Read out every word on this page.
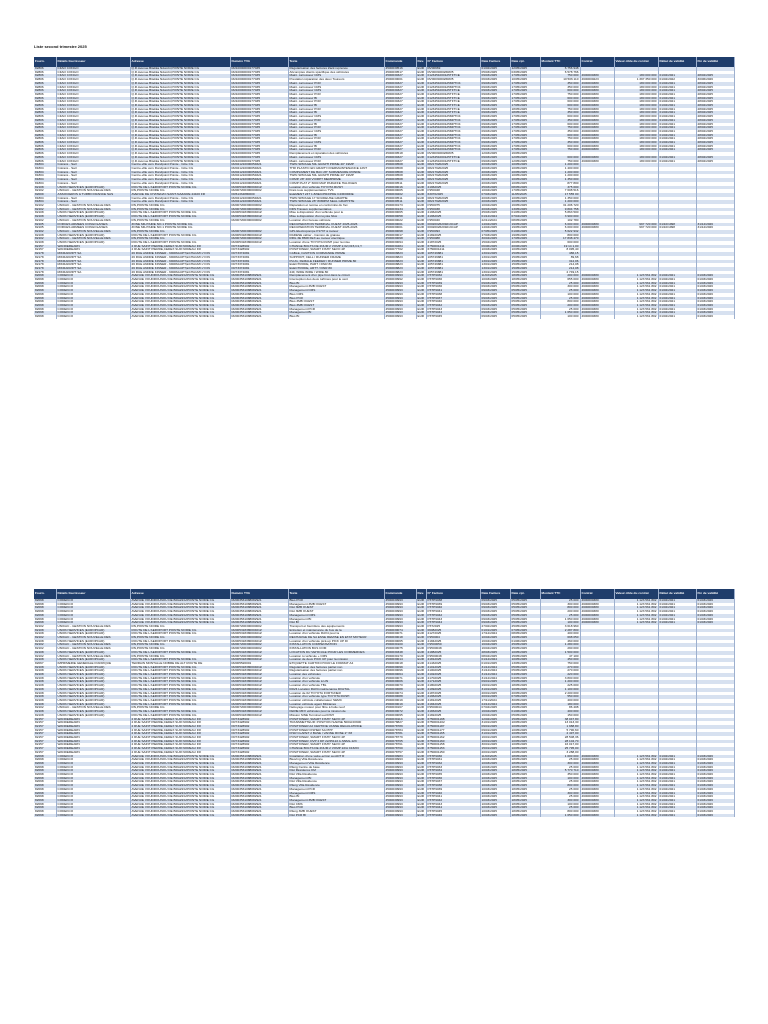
Liste second trimestre 2025
Fourn.	Détails fournisseur	Adresse	Numéro TVA	Texte	Commande	Dev.	N° Facture	Date Facture	Date cpt.	Montant TTC	Contrat	Valeur cible du contrat	Début de validité	Fin de validité
82806	CFAO CONGO	Q.R.Avenue Bitelika Ndombi,POINTE NOIRE CG	M2100000001770Z5	Régularisation des factures Zack reprenée	4500030516	EUR	RV00969	01/02/2025	12/05/2025	6 756 948				
82806	CFAO CONGO	Q.R.Avenue Bitelika Ndombi,POINTE NOIRE CG	M2100000001770Z5	Abcomptes clients spécifique des véhicules	4500030517	EUR	RV000300026RR5	05/03/2025	03/05/2025	6 578 766				
82806	CFAO CONGO	Q.R.Avenue Bitelika Ndombi,POINTE NOIRE CG	M2100000001770Z5	Maint. carrosseur CMS	4500030327	EUR	0123451000125TFTCE	09/03/2025	17/05/2025	750 000	4600000380	180 000 000	01/02/2021	28/02/2025
82806	CFAO CONGO	Q.R.Avenue Bitelika Ndombi,POINTE NOIRE CG	M2100000001770Z5	Prestation réparation des deux Toureurs	4500030001	EUR	RV000300026RR5	06/03/2025	10/05/2025	10 506 110	4600000223	1 397 350 000	01/02/2022	30/06/2026
82806	CFAO CONGO	Q.R.Avenue Bitelika Ndombi,POINTE NOIRE CG	M2100000001770Z5	Maint. carrosseur PCR	4500030327	EUR	0123451000125MPTO4	09/03/2025	17/05/2025	350 000	4600000380	180 000 000	01/02/2021	28/02/2025
82806	CFAO CONGO	Q.R.Avenue Bitelika Ndombi,POINTE NOIRE CG	M2100000001770Z5	Maint. carrosseur CMS	4500030327	EUR	0123451000125MPTO4	09/03/2025	17/05/2025	350 000	4600000380	180 000 000	01/02/2021	28/02/2025
82806	CFAO CONGO	Q.R.Avenue Bitelika Ndombi,POINTE NOIRE CG	M2100000001770Z5	Maint. carrosseur CMS	4500030327	EUR	0123451000125TFTCE	09/03/2025	17/05/2025	600 000	4600000380	180 000 000	01/02/2021	28/02/2025
82806	CFAO CONGO	Q.R.Avenue Bitelika Ndombi,POINTE NOIRE CG	M2100000001770Z5	Maint. carrosseur PCR	4500030327	EUR	0123451000125TFTCE	09/03/2025	17/05/2025	750 000	4600000380	180 000 000	01/02/2021	28/02/2025
82806	CFAO CONGO	Q.R.Avenue Bitelika Ndombi,POINTE NOIRE CG	M2100000001770Z5	Maint. carrosseur BI	4500030327	EUR	0123451000125TFTCE	09/03/2025	17/05/2025	600 000	4600000380	180 000 000	01/02/2021	28/02/2025
82806	CFAO CONGO	Q.R.Avenue Bitelika Ndombi,POINTE NOIRE CG	M2100000001770Z5	Maint. carrosseur PCR	4500030327	EUR	0123451000125TFTCE	09/03/2025	17/05/2025	600 000	4600000380	180 000 000	01/02/2021	28/02/2025
82806	CFAO CONGO	Q.R.Avenue Bitelika Ndombi,POINTE NOIRE CG	M2100000001770Z5	Maint. carrosseur BI	4500030327	EUR	0123451000125TFTCE	09/03/2025	17/05/2025	600 000	4600000380	180 000 000	01/02/2021	28/02/2025
82806	CFAO CONGO	Q.R.Avenue Bitelika Ndombi,POINTE NOIRE CG	M2100000001770Z5	Maint. carrosseur PCR	4500030327	EUR	0123451000125TFTCE	09/03/2025	18/05/2025	750 000	4600000380	180 000 000	01/02/2021	28/02/2025
82806	CFAO CONGO	Q.R.Avenue Bitelika Ndombi,POINTE NOIRE CG	M2100000001770Z5	Maint. carrosseur BI	4500030327	EUR	0123451000125TFTCE	09/03/2025	18/05/2025	350 000	4600000380	180 000 000	01/02/2021	28/02/2025
82806	CFAO CONGO	Q.R.Avenue Bitelika Ndombi,POINTE NOIRE CG	M2100000001770Z5	Maint. carrosseur CMS	4500030327	EUR	0123451000125MPTO4	09/03/2025	17/05/2025	600 000	4600000380	180 000 000	01/02/2021	28/02/2025
82806	CFAO CONGO	Q.R.Avenue Bitelika Ndombi,POINTE NOIRE CG	M2100000001770Z5	Maint. carrosseur PCR	4500030327	EUR	0123451000125MPTO4	09/03/2025	17/05/2025	350 000	4600000380	180 000 000	01/02/2021	28/02/2025
82806	CFAO CONGO	Q.R.Avenue Bitelika Ndombi,POINTE NOIRE CG	M2100000001770Z5	Maint. carrosseur BI	4500030327	EUR	0123451000125MPTO4	09/03/2025	17/05/2025	600 000	4600000380	180 000 000	01/02/2021	28/02/2025
82806	CFAO CONGO	Q.R.Avenue Bitelika Ndombi,POINTE NOIRE CG	M2100000001770Z5	Maint. carrosseur PCR	4500030327	EUR	0123451000125MPTO4	09/03/2025	17/05/2025	750 000	4600000380	180 000 000	01/02/2021	28/02/2025
82806	CFAO CONGO	Q.R.Avenue Bitelika Ndombi,POINTE NOIRE CG	M2100000001770Z5	Maint. carrosseur CMS	4500030327	EUR	0123451000125MPTO4	09/03/2025	17/05/2025	350 000	4600000380	180 000 000	01/02/2021	28/02/2025
82806	CFAO CONGO	Q.R.Avenue Bitelika Ndombi,POINTE NOIRE CG	M2100000001770Z5	Maint. carrosseur BI	4500030327	EUR	0123451000125MPTO4	09/03/2025	17/05/2025	600 000	4600000380	180 000 000	01/02/2021	28/02/2025
82806	CFAO CONGO	Q.R.Avenue Bitelika Ndombi,POINTE NOIRE CG	M2100000001770Z5	Maint. carrosseur PCR	4500030327	EUR	0123451000125MPTO4	09/03/2025	17/05/2025	750 000	4600000380	180 000 000	01/02/2021	28/02/2025
82806	CFAO CONGO	Q.R.Avenue Bitelika Ndombi,POINTE NOIRE CG	M2100000001770Z5	Maint. carrosseur CMS	4500030327	EUR	0123451000125MPTO4	09/03/2025	17/05/2025	350 000	4600000380	180 000 000	01/02/2021	28/02/2025
82806	CFAO CONGO	Q.R.Avenue Bitelika Ndombi,POINTE NOIRE CG	M2100000001770Z5	Maint. carrosseur BI	4500030327	EUR	0123451000125MPTO4	09/03/2025	17/05/2025	600 000	4600000380	180 000 000	01/02/2021	28/02/2025
82806	CFAO CONGO	Q.R.Avenue Bitelika Ndombi,POINTE NOIRE CG	M2100000001770Z5	Maint. carrosseur PCR	4500030327	EUR	0123451000125MPTO4	09/03/2025	17/05/2025	750 000	4600000380	180 000 000	01/02/2021	28/02/2025
82806	CFAO CONGO	Q.R.Avenue Bitelika Ndombi,POINTE NOIRE CG	M2100000001770Z5	Remplacement et réparation des véhicules	4500030518	EUR	RV000300026RR5	12/03/2025	16/05/2025					
82806	CFAO CONGO	Q.R.Avenue Bitelika Ndombi,POINTE NOIRE CG	M2100000001770Z5	Maint. carrosseur CMS	4500030327	EUR	0123451000125TFTCE	09/03/2025	12/05/2025	600 000	4600000380	180 000 000	01/02/2021	28/02/2025
82806	CFAO CONGO	Q.R.Avenue Bitelika Ndombi,POINTE NOIRE CG	M2100000001770Z5	Maint. carrosseur PCR	4500030327	EUR	0123451000125TFTCE	09/03/2025	12/05/2025	750 000	4600000380	180 000 000	01/02/2021	28/02/2025
81804	Cotrans - Sarl	Centre-ville vers Rondpoint Pointe - Côte CG	M2021210000054621	TWIN SPRAGE 50L GRAPH PRIME 20" 19MP	4500030508	EUR	082179202025	20/03/2025	10/05/2025	1 200 000				
81804	Cotrans - Sarl	Centre-ville vers Rondpoint Pointe - Côte CG	M2021210000054621	THR PLASTIC EN GRAPH OVERMAINTENANCE 12NT	4500030508	EUR	082179202025	20/03/2025	10/05/2025	1 400 000				
81804	Cotrans - Sarl	Centre-ville vers Rondpoint Pointe - Côte CG	M2021210000054621	COMPLIMENT DE BAC 28" SURMESURE RONDE	4500030508	EUR	082179202025	20/03/2025	10/05/2025	1 200 000				
81804	Cotrans - Sarl	Centre-ville vers Rondpoint Pointe - Côte CG	M2021210000054621	TWIN SPRAGE 50L GRAPH PRIME 20" 19MP	4500030508	EUR	082179202025	20/03/2025	10/05/2025	1 200 000				
81804	Cotrans - Sarl	Centre-ville vers Rondpoint Pointe - Côte CG	M2021210000054621	COMP. 28" 200 VOIRPT MEMPRIME	4500030508	EUR	082179202025	20/03/2025	10/05/2025	1 350 000				
81804	Cotrans - Sarl	Centre-ville vers Rondpoint Pointe - Côte CG	M2021210000054621	COMP PLAT 2" 6000 MAP PARAFFE HALOGEN	4500030511	EUR	082179202025	20/03/2025	10/05/2025	877 800				
82108	UNION SERVICES (EUROPCAR)	ROUTE DE L'AEROPORT POINTE NOIRE CG	M200531838000401Z	Location d'un véhicule TOYOTA RUSH	4500030016	EUR	21962025	25/03/2025	08/05/2025	375 000				
82102	UNICAC - GESTION NOUVELLE DES	RN,POINTE NOIRE CG	M2007200300000002	Frais tous supplémentaires TVS	4500030005	EUR	P250048	10/04/2025	17/05/2025	7 608 516				
82009	ASSOCIEROS & TURBO FRANCE SAS	AVENUE DE CHATENAY-SAINT-NAZAIRE 44100 FR	FR61334880000	ELEMENT 24T 1.8/6EC/PR2/PDE C4/R000DE	4500030202	EUR	630702025	07/03/2025	11/05/2025	17 555 00				
81804	Cotrans - Sarl	Centre-ville vers Rondpoint Pointe - Côte CG	M2021210000054621	TWIN SPRAGE 17 SOUDEUSE GRAPHE	4500030511	EUR	082179202025	20/03/2025	10/05/2025	1 350 000				
81804	Cotrans - Sarl	Centre-ville vers Rondpoint Pointe - Côte CG	M2021210000054621	TWIN SPRAGE 28" 8080PM SEAL GRAPHITE	4500030511	EUR	082179202025	20/03/2025	10/05/2025	1 200 000				
82102	UNICAC - GESTION NOUVELLE DES	RN,POINTE NOIRE CG	M2007200300000002	Réparation et remise en conformité du fret	4500030173	EUR	P250075	10/04/2025	16/05/2025	31 206 720				
82102	UNICAC - GESTION NOUVELLE DES	RN,POINTE NOIRE CG	M2007200300000002	DDS Travaux supplémentaires	4500030134	EUR	P250038	20/03/2025	13/05/2025	9 804 758				
82108	UNION SERVICES (EUROPCAR)	ROUTE DE L'AEROPORT POINTE NOIRE CG	M200531838000401Z	Mise à disposition d'un véhicule pour le	4500030065	EUR	21962025	25/03/2025	01/05/2025	5 863 500				
82108	UNION SERVICES (EUROPCAR)	ROUTE DE L'AEROPORT POINTE NOIRE CG	M200531838000401Z	Mise à disposition d'un toyota hilux	4500030058	EUR	21962025	01/12/2024	07/04/2025	3 900 000				
82102	UNICAC - GESTION NOUVELLE DES	RN,POINTE NOIRE CG	M2007200300000002	Location d'un bureau véhicule	4500030022	EUR	P250040	22/11/2024	08/05/2025	102 780				
82105	FORCES ARMEES CONGOLAISES	ZONE MILITAIRE NO.1 POINTE NOIRE CG		RECUPERATION TERMINAL OUEST 2025-2026	4500030001	EUR	00020026209213CAP	14/04/2025	19/05/2025	6 000 000	4600000380	997 720 000	01/10/1998	31/12/2026
82105	FORCES ARMEES CONGOLAISES	ZONE MILITAIRE NO.1 POINTE NOIRE CG		RECUPERATION TERMINAL OUEST 2025-2026	4500030001	EUR	00020026209213CAP	14/04/2025	19/05/2025	6 000 000	4600000380	997 720 000	01/10/1998	31/12/2026
82102	UNICAC - GESTION NOUVELLE DES	RN,POINTE NOIRE CG	M2007200300000002	GPL Electropompe P1737 à moteur	4500030098	EUR	P250093	07/05/2025	01/06/2025	5 622 932				
82108	UNION SERVICES (EUROPCAR)	ROUTE DE L'AEROPORT POINTE NOIRE CG	M200531838000401Z	RADESE cahier - Camion de graisse	4500030017	EUR	21822025	17/03/2025	19/05/2025	800 000				
82102	UNICAC - GESTION NOUVELLE DES	RN,POINTE NOIRE CG	M2007200300000002	RRG 3E 8508 FEX au moteur électrique	4500030098	EUR	P250088	30/04/2025	17/05/2025	17 838 470				
82108	UNION SERVICES (EUROPCAR)	ROUTE DE L'AEROPORT POINTE NOIRE CG	M200531838000401Z	Location d'une TOYOTA RUSH pour la mise	4500030094	EUR	21872025	15/04/2025	20/05/2025	600 000				
82157	WANDEREARN	2 RUE SAINT PIERRE,CEDEX SUR NOREAU FR	FR73428902	CHANGE BOLTS DE 2NUM 2 VOMP 2,02,O15,C1,Y	4500030484	EUR	6750001211	06/06/2025	20/06/2025	19 14 1,00				
82157	WANDEREARN	2 RUE SAINT PIERRE,CEDEX SUR NOREAU FR	FR73428902	POSITIONER, SMART FISHY SEVO 4P	4500077702	EUR	6750001211	10/03/2025	10/05/2025	8 095,40				
82178	MIKRAKRIPT SA	26 RUE ANDRE KINNER - 69006AUPT,ECHAUMI LYON	FR73374081	CABLE, IGNITION COMMANDE PRIME	4500008823	EUR	105749881	13/01/2025	15/05/2025	486,15				
82178	MIKRAKRIPT SA	26 RUE ANDRE KINNER - 69006AUPT,ECHAUMI LYON	FR73374081	SUPPORT, CELL / RUNNER FRAME	4500008823	EUR	105749881	13/01/2025	15/05/2025	89,68				
82178	MIKRAKRIPT SA	26 RUE ANDRE KINNER - 69006AUPT,ECHAUMI LYON	FR73374081	PLUG, FEMALE FEEDER / RUNNER PRIME 80	4500008823	EUR	105749881	13/01/2025	15/05/2025	312,06				
82178	MIKRAKRIPT SA	26 RUE ANDRE KINNER - 69006AUPT,ECHAUMI LYON	FR73374081	ELECTRODE, PART / PAIR 80	4500008823	EUR	105749881	13/01/2025	15/05/2025	214,08				
82178	MIKRAKRIPT SA	26 RUE ANDRE KINNER - 69006AUPT,ECHAUMI LYON	FR73374081	ELECTRODE, ARTT / PAIR 80	4500008823	EUR	105749881	13/01/2025	15/05/2025	214,08				
82178	MIKRAKRIPT SA	26 RUE ANDRE KINNER - 69006AUPT,ECHAUMI LYON	FR73374081	24F, WIDE WIRE / WIRE 80	4500008823	EUR	105749881	13/01/2025	15/05/2025	2 749,15				
82098	CODEKCO	AVENUE VOUDROUNOU DE BRAZZA/POINTE NOIRE CG	M2003531088082921	Remplacement d'un pipe brut dans le circuit	4500030993	EUR	P3TP9032	11/03/2025	18/05/2025	200 000	4600000380	1 123 561 802	01/02/2021	01/03/2026
82098	CODEKCO	AVENUE VOUDROUNOU DE BRAZZA/POINTE NOIRE CG	M2003531088082921	Interception des deux turbines pour le vent	4500030992	EUR	P3TP9036	10/03/2025	18/05/2025	655 000	4600000380	1 123 561 802	01/02/2021	01/03/2026
82098	CODEKCO	AVENUE VOUDROUNOU DE BRAZZA/POINTE NOIRE CG	M2003531088082921	Bles BI	4500030993	EUR	P3TP9039	09/03/2025	05/05/2025	25 000	4600000380	1 123 561 802	01/02/2021	01/03/2026
82098	CODEKCO	AVENUE VOUDROUNOU DE BRAZZA/POINTE NOIRE CG	M2003531088082921	Management 3MB OUEST	4500030993	EUR	P3TP9036	09/03/2025	05/05/2025	300 000	4600000380	1 123 561 802	01/02/2021	01/03/2026
82098	CODEKCO	AVENUE VOUDROUNOU DE BRAZZA/POINTE NOIRE CG	M2003531088082921	Management CMS	4500030993	EUR	P3TP9041	09/03/2025	05/05/2025	25 000	4600000380	1 123 561 802	01/02/2021	01/03/2026
82098	CODEKCO	AVENUE VOUDROUNOU DE BRAZZA/POINTE NOIRE CG	M2003531088082921	Bles CMS	4500030993	EUR	P3TP9038	09/03/2025	05/05/2025	100 000	4600000380	1 123 561 802	01/02/2021	01/03/2026
82098	CODEKCO	AVENUE VOUDROUNOU DE BRAZZA/POINTE NOIRE CG	M2003531088082921	Bles PCR	4500030993	EUR	P3TP9037	09/03/2025	05/05/2025	25 000	4600000380	1 123 561 802	01/02/2021	01/03/2026
82098	CODEKCO	AVENUE VOUDROUNOU DE BRAZZA/POINTE NOIRE CG	M2003531088082921	Bles 3MB OUEST	4500030993	EUR	P3TP9040	09/03/2025	05/05/2025	800 000	4600000380	1 123 561 802	01/02/2021	01/03/2026
82098	CODEKCO	AVENUE VOUDROUNOU DE BRAZZA/POINTE NOIRE CG	M2003531088082921	Bles 3MB OUEST	4500030993	EUR	P3TP9042	09/03/2025	05/05/2025	200 000	4600000380	1 123 561 802	01/02/2021	01/03/2026
82098	CODEKCO	AVENUE VOUDROUNOU DE BRAZZA/POINTE NOIRE CG	M2003531088082921	Management PCR	4500030993	EUR	P3TP9043	09/03/2025	05/05/2025	25 000	4600000380	1 123 561 802	01/02/2021	01/03/2026
82098	CODEKCO	AVENUE VOUDROUNOU DE BRAZZA/POINTE NOIRE CG	M2003531088082921	Management BI	4500030993	EUR	P3TP9044	09/03/2025	05/05/2025	1 650 000	4600000380	1 123 561 802	01/02/2021	01/03/2026
82098	CODEKCO	AVENUE VOUDROUNOU DE BRAZZA/POINTE NOIRE CG	M2003531088082921	Bles BI	4500030993	EUR	P3TP9045	09/03/2025	05/05/2025	100 000	4600000380	1 123 561 802	01/02/2021	01/03/2026
Fourn.	Détails fournisseur	Adresse	Numéro TVA	Texte	Commande	Dev.	N° Facture	Date Facture	Date cpt.	Montant TTC	Contrat	Valeur cible du contrat	Début de validité	Fin de validité
82098	CODEKCO	AVENUE VOUDROUNOU DE BRAZZA/POINTE NOIRE CG	M2003531088082921	Bles PCR	4500030993	EUR	P3TP9038	09/03/2025	05/05/2025	25 000	4600000380	1 123 561 802	01/02/2021	01/03/2026
82098	CODEKCO	AVENUE VOUDROUNOU DE BRAZZA/POINTE NOIRE CG	M2003531088082921	Management 3MB OUEST	4500030993	EUR	P3TP9039	09/03/2025	05/05/2025	300 000	4600000380	1 123 561 802	01/02/2021	01/03/2026
82098	CODEKCO	AVENUE VOUDROUNOU DE BRAZZA/POINTE NOIRE CG	M2003531088082921	Dist 3MB OUEST	4500030993	EUR	P3TP9040	09/03/2025	05/05/2025	800 000	4600000380	1 123 561 802	01/02/2021	01/03/2026
82098	CODEKCO	AVENUE VOUDROUNOU DE BRAZZA/POINTE NOIRE CG	M2003531088082921	Dist 3MB OUEST	4500030993	EUR	P3TP9041	09/03/2025	05/05/2025	200 000	4600000380	1 123 561 802	01/02/2021	01/03/2026
82098	CODEKCO	AVENUE VOUDROUNOU DE BRAZZA/POINTE NOIRE CG	M2003531088082921	Management CMS	4500030993	EUR	P3TP9042	09/03/2025	05/05/2025	25 000	4600000380	1 123 561 802	01/02/2021	01/03/2026
82098	CODEKCO	AVENUE VOUDROUNOU DE BRAZZA/POINTE NOIRE CG	M2003531088082921	Management BI	4500030993	EUR	P3TP9043	09/03/2025	05/05/2025	1 650 000	4600000380	1 123 561 802	01/02/2021	01/03/2026
82098	CODEKCO	AVENUE VOUDROUNOU DE BRAZZA/POINTE NOIRE CG	M2003531088082921	Dist BI	4500030993	EUR	P3TP9044	09/03/2025	05/05/2025	100 000	4600000380	1 123 561 802	01/02/2021	01/03/2026
82102	UNICAC - GESTION NOUVELLE DES	RN,POINTE NOIRE CG	M2007200300000002	Transport et fourniture des équipements	4500030993	EUR	P3T2025	27/02/2025	25/05/2025	3 618 960				
82108	UNION SERVICES (EUROPCAR)	ROUTE DE L'AEROPORT POINTE NOIRE CG	M200531838000401Z	Entretien et maintenance du bus de la	4500030074	EUR	06082025	01/01/2025	07/05/2025	2 287 800				
82108	UNION SERVICES (EUROPCAR)	ROUTE DE L'AEROPORT POINTE NOIRE CG	M200531838000401Z	Location d'un véhicule RAV4 pour la	4500030071	EUR	21272025	17/12/2024	08/05/2025	400 000				
82102	UNICAC - GESTION NOUVELLE DES	RN,POINTE NOIRE CG	M2007200300000002	RECHARGE DE SA ESSE REMISE EN ETAT MOTEUR	4500030018	EUR	P250004	10/04/2025	19/05/2025	698 050				
82108	UNION SERVICES (EUROPCAR)	ROUTE DE L'AEROPORT POINTE NOIRE CG	M200531838000401Z	Location d'un véhicule pick-up PICK UP DI	4500030065	EUR	21842025	16/04/2025	01/06/2025	460 000				
82102	UNICAC - GESTION NOUVELLE DES	RN,POINTE NOIRE CG	M2007200300000002	INSTALLATION COMPENSATION	4500030100	EUR	P2500050	16/04/2025	25/05/2025	1 280 000				
82102	UNICAC - GESTION NOUVELLE DES	RN,POINTE NOIRE CG	M2007200300000002	INSTALLATION BUS COM	4500030075	EUR	P2500048	16/04/2025	25/05/2025	290 000				
82108	UNION SERVICES (EUROPCAR)	ROUTE DE L'AEROPORT POINTE NOIRE CG	M200531838000401Z	LOCATION DU VEHICULE POUR LES COMMERCES	4500030348	EUR	21882025	28/03/2025	10/05/2025	1 500 000				
82102	UNICAC - GESTION NOUVELLE DES	RN,POINTE NOIRE CG	M2007200300000002	Location tu véhicule + CMS	4500030170	EUR	P2500048	08/04/2025	15/05/2025	47 100				
82108	UNION SERVICES (EUROPCAR)	ROUTE DE L'AEROPORT POINTE NOIRE CG	M200531838000401Z	Location de deux PICK UP pour la mission	4500030014	EUR	21812025	01/12/2024	10/05/2025	450 000				
82067	IMPRIMERIE GENERALE D'AFRIQUE	TERRAIN MONTALLE NOBRE DE ALT ROUTE DE	M2005520001	ETIQUETTE CARTON POUR LE FORMAT A4	4500030018	EUR	21432025	01/01/2025	13/05/2025	750 000				
82108	UNION SERVICES (EUROPCAR)	ROUTE DE L'AEROPORT POINTE NOIRE CG	M200531838000401Z	Régularisation des factures partiel non	4500030099	EUR	21012025	31/12/2024	05/05/2025	270 000				
82108	UNION SERVICES (EUROPCAR)	ROUTE DE L'AEROPORT POINTE NOIRE CG	M200531838000401Z	Régularisation des factures partiel non	4500030096	EUR	21002025	31/12/2024	05/05/2025	270 000				
82108	UNION SERVICES (EUROPCAR)	ROUTE DE L'AEROPORT POINTE NOIRE CG	M200531838000401Z	Location des véhicules	4500030064	EUR	21022025	31/12/2024	04/05/2025	220 000				
82108	UNION SERVICES (EUROPCAR)	ROUTE DE L'AEROPORT POINTE NOIRE CG	M200531838000401Z	Location d'un véhicule	4500030071	EUR	21702025	31/12/2024	04/05/2025	3 800 000				
82108	UNION SERVICES (EUROPCAR)	ROUTE DE L'AEROPORT POINTE NOIRE CG	M200531838000401Z	Location d'un véhicule à LIN	4500030006	EUR	21712025	09/01/2025	05/05/2025	1 200 000				
82108	UNION SERVICES (EUROPCAR)	ROUTE DE L'AEROPORT POINTE NOIRE CG	M200531838000401Z	Location d'un véhicule TBL	4500030070	EUR	21802025	19/01/2025	18/05/2025	225 000				
82108	UNION SERVICES (EUROPCAR)	ROUTE DE L'AEROPORT POINTE NOIRE CG	M200531838000401Z	RAV4 Location RAV4 maintenance DIGITAL	4500030088	EUR	21992025	31/01/2025	10/05/2025	1 100 000				
82108	UNION SERVICES (EUROPCAR)	ROUTE DE L'AEROPORT POINTE NOIRE CG	M200531838000401Z	Location de 02 TOYOTA FORTUNER	4500030074	EUR	21872025	20/01/2025	20/05/2025	2 200 000				
82108	UNION SERVICES (EUROPCAR)	ROUTE DE L'AEROPORT POINTE NOIRE CG	M200531838000401Z	Location d'un véhicule type TOYOTA RUSH	4500030088	EUR	21962025	20/01/2025	07/05/2025	550 000				
82108	UNION SERVICES (EUROPCAR)	ROUTE DE L'AEROPORT POINTE NOIRE CG	M200531838000401Z	Location véhicule collaborateur SEMC	4500030019	EUR	21812025	17/11/2024	30/05/2025	400 000				
82108	UNION SERVICES (EUROPCAR)	ROUTE DE L'AEROPORT POINTE NOIRE CG	M200531838000401Z	Location véhicule agent Mirkianes	4500030019	EUR	21842025	24/12/2024	10/05/2025	180 000				
82102	UNICAC - GESTION NOUVELLE DES	RN,POINTE NOIRE CG	M2007200300000002	Nettoyage moteur pour filtre à huile neuf	4500030167	EUR	P2500044	07/04/2025	15/05/2025	86 408				
82108	UNION SERVICES (EUROPCAR)	ROUTE DE L'AEROPORT POINTE NOIRE CG	M200531838000401Z	FERIE MFX véhicules pour la mission de	4500030072	EUR	21832025	16/04/2025	01/06/2025	400 000				
82108	UNION SERVICES (EUROPCAR)	ROUTE DE L'AEROPORT POINTE NOIRE CG	M200531838000401Z	Mission SINE Terminal sud DSH	4500030095	EUR	21822025	16/04/2025	05/05/2025	150 000				
82157	WANDEREARN	2 RUE SAINT PIERRE,CEDEX SUR NOREAU FR	FR73428902	POSITIONER, SMART FISHY SEVO 4P	4500030113	EUR	6750001198	12/02/2025	15/05/2025	38 047,80				
82157	WANDEREARN	2 RUE SAINT PIERRE,CEDEX SUR NOREAU FR	FR73428902	TRANSMETTEUR: POSITION SARNE 500GNO900	4500078827	EUR	6750001202	31/01/2025	10/05/2025	13 013,30				
82157	WANDEREARN	2 RUE SAINT PIERRE,CEDEX SUR NOREAU FR	FR73428902	POSITIONER A2 CERTIFIE VANNE REGULATRICE	4500078789	EUR	6750001187	09/01/2025	10/05/2025	1 988,80				
82157	WANDEREARN	2 RUE SAINT PIERRE,CEDEX SUR NOREAU FR	FR73428902	POSITIONER FISHER SA PPP	4500078784	EUR	6750001177	09/01/2025	10/05/2025	5 790,60				
82157	WANDEREARN	2 RUE SAINT PIERRE,CEDEX SUR NOREAU FR	FR73428902	FISR CLAPET 2 BASE / VANNE ROSE 2" X8	4500078781	EUR	6750001165	31/01/2025	10/05/2025	2 497,00				
82157	WANDEREARN	2 RUE SAINT PIERRE,CEDEX SUR NOREAU FR	FR73428902	POSITIONER, SMART FISHY SEVO 4P	4500078779	EUR	6750001162	16/01/2025	10/05/2025	28 508,36				
82157	WANDEREARN	2 RUE SAINT PIERRE,CEDEX SUR NOREAU FR	FR73428902	POSITIONER, DVP 2 DP 22/25122 A-SNML-123	4500078765	EUR	6750001160	10/01/2025	10/05/2025	28 104,70				
82157	WANDEREARN	2 RUE SAINT PIERRE,CEDEX SUR NOREAU FR	FR73428902	POSITIONER, SMART FISHY SEVO 4P	4500078761	EUR	6750001158	30/01/2025	10/05/2025	16 017,00				
82157	WANDEREARN	2 RUE SAINT PIERRE,CEDEX SUR NOREAU FR	FR73428902	CHANGE BOLTS DE 2NUM 2 VOMP 22/A C16/03	4500078760	EUR	6750001153	15/01/2025	10/05/2025	25 795,00				
82157	WANDEREARN	2 RUE SAINT PIERRE,CEDEX SUR NOREAU FR	FR73428902	POSITIONER, SMART FISHY SEVO 4P	4500078757	EUR	6750001150	20/01/2025	10/05/2025	3 288,00				
82098	CODEKCO	AVENUE VOUDROUNOU DE BRAZZA/POINTE NOIRE CG	M2003531088082921	Installation d'une valve-ecrion au ADT R	4500030983	EUR	P3TP9030	11/03/2025	18/05/2025	1 000 000	4600000380	1 123 561 802	01/02/2021	01/03/2026
82098	CODEKCO	AVENUE VOUDROUNOU DE BRAZZA/POINTE NOIRE CG	M2003531088082921	Bles/mg Villa Résidence	4500030993	EUR	P3TP9031	10/03/2025	18/05/2025	25 000	4600000380	1 123 561 802	01/02/2021	01/03/2026
82098	CODEKCO	AVENUE VOUDROUNOU DE BRAZZA/POINTE NOIRE CG	M2003531088082921	Management Villa Résidence	4500030993	EUR	P3TP9032	10/03/2025	18/05/2025	300 000	4600000380	1 123 561 802	01/02/2021	01/03/2026
82098	CODEKCO	AVENUE VOUDROUNOU DE BRAZZA/POINTE NOIRE CG	M2003531088082921	Rfeng Centre de base	4500030993	EUR	P3TP9033	10/03/2025	18/05/2025	25 000	4600000380	1 123 561 802	01/02/2021	01/03/2026
82098	CODEKCO	AVENUE VOUDROUNOU DE BRAZZA/POINTE NOIRE CG	M2003531088082921	Dist Résidence KM	4500030993	EUR	P3TP9034	10/03/2025	18/05/2025	5 770 710	4600000380	1 123 561 802	01/02/2021	01/03/2026
82098	CODEKCO	AVENUE VOUDROUNOU DE BRAZZA/POINTE NOIRE CG	M2003531088082921	Dist Villa Résidence	4500030993	EUR	P3TP9035	10/03/2025	18/05/2025	350 000	4600000380	1 123 561 802	01/02/2021	01/03/2026
82098	CODEKCO	AVENUE VOUDROUNOU DE BRAZZA/POINTE NOIRE CG	M2003531088082921	Management BI	4500030993	EUR	P3TP9036	10/03/2025	18/05/2025	100 000	4600000380	1 123 561 802	01/02/2021	01/03/2026
82098	CODEKCO	AVENUE VOUDROUNOU DE BRAZZA/POINTE NOIRE CG	M2003531088082921	Dist Villa Résidence	4500030993	EUR	P3TP9037	10/03/2025	18/05/2025	25 000	4600000380	1 123 561 802	01/02/2021	01/03/2026
82098	CODEKCO	AVENUE VOUDROUNOU DE BRAZZA/POINTE NOIRE CG	M2003531088082921	Rfeng Villa Résidence	4500030993	EUR	P3TP9038	10/03/2025	18/05/2025	800 000	4600000380	1 123 561 802	01/02/2021	01/03/2026
82098	CODEKCO	AVENUE VOUDROUNOU DE BRAZZA/POINTE NOIRE CG	M2003531088082921	Management PCR	4500030993	EUR	P3TP9039	10/03/2025	18/05/2025	25 000	4600000380	1 123 561 802	01/02/2021	01/03/2026
82098	CODEKCO	AVENUE VOUDROUNOU DE BRAZZA/POINTE NOIRE CG	M2003531088082921	Management CMS	4500030993	EUR	P3TP9040	10/03/2025	18/05/2025	300 000	4600000380	1 123 561 802	01/02/2021	01/03/2026
82098	CODEKCO	AVENUE VOUDROUNOU DE BRAZZA/POINTE NOIRE CG	M2003531088082921	Bles BI	4500030993	EUR	P3TP9041	10/03/2025	18/05/2025	25 000	4600000380	1 123 561 802	01/02/2021	01/03/2026
82098	CODEKCO	AVENUE VOUDROUNOU DE BRAZZA/POINTE NOIRE CG	M2003531088082921	Management 3MB OUEST	4500030993	EUR	P3TP9042	10/03/2025	18/05/2025	300 000	4600000380	1 123 561 802	01/02/2021	01/03/2026
82098	CODEKCO	AVENUE VOUDROUNOU DE BRAZZA/POINTE NOIRE CG	M2003531088082921	Dist CMS	4500030993	EUR	P3TP9043	10/03/2025	18/05/2025	100 000	4600000380	1 123 561 802	01/02/2021	01/03/2026
82098	CODEKCO	AVENUE VOUDROUNOU DE BRAZZA/POINTE NOIRE CG	M2003531088082921	Bles PCR	4500030993	EUR	P3TP9044	10/03/2025	18/05/2025	25 000	4600000380	1 123 561 802	01/02/2021	01/03/2026
82098	CODEKCO	AVENUE VOUDROUNOU DE BRAZZA/POINTE NOIRE CG	M2003531088082921	Rfeng 3MB OUEST	4500030993	EUR	P3TP9045	10/03/2025	18/05/2025	800 000	4600000380	1 123 561 802	01/02/2021	01/03/2026
82098	CODEKCO	AVENUE VOUDROUNOU DE BRAZZA/POINTE NOIRE CG	M2003531088082921	Dist PCR BI	4500030993	EUR	P3TP9046	10/03/2025	18/05/2025	1 650 000	4600000380	1 123 561 802	01/02/2021	01/03/2026
